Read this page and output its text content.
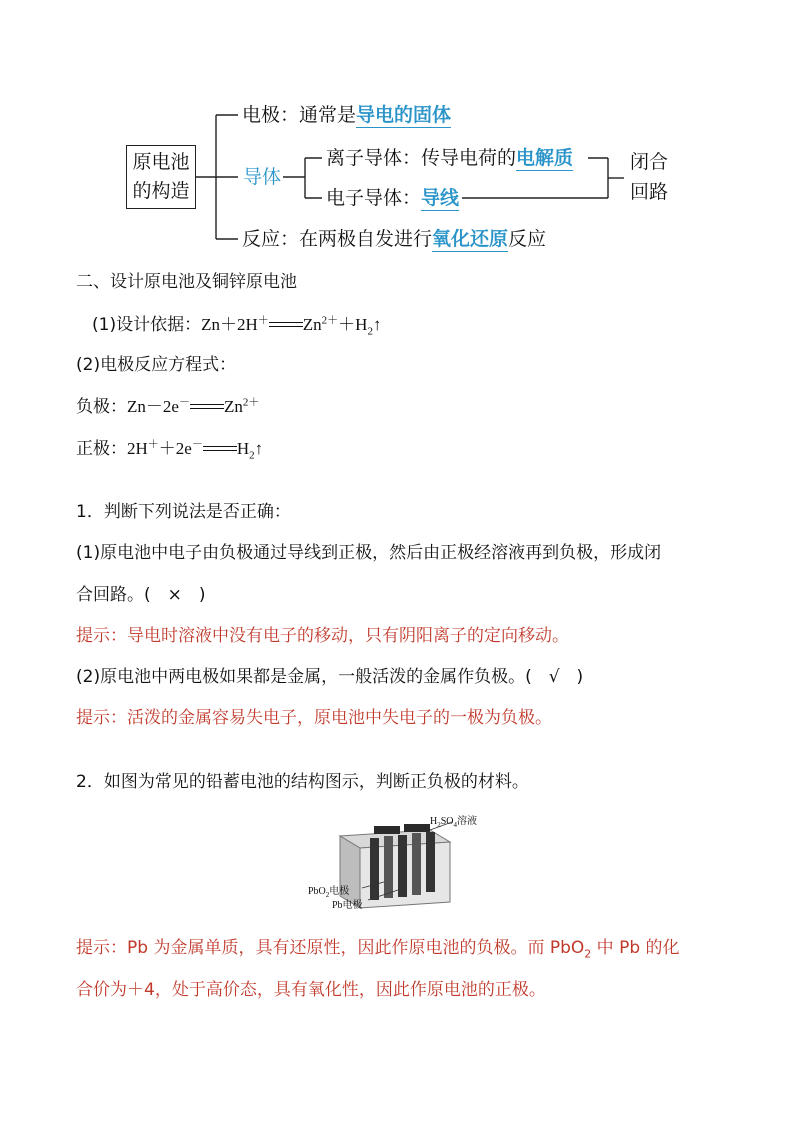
原电池
的构造
电极：通常是导电的固体
导体
离子导体：传导电荷的电解质
电子导体：导线
闭合
回路
反应：在两极自发进行氧化还原反应
二、设计原电池及铜锌原电池
(1)设计依据：Zn＋2H＋   $Zn^{2+}+H_2↑$
(2)电极反应方程式：
负极：Zn－2e－   $Zn^{2+}$
正极：2H＋＋2e－   $H_2↑$
1．判断下列说法是否正确：
(1)原电池中电子由负极通过导线到正极，然后由正极经溶液再到负极，形成闭
合回路。(　×　)
提示：导电时溶液中没有电子的移动，只有阴阳离子的定向移动。
(2)原电池中两电极如果都是金属，一般活泼的金属作负极。(　√　)
提示：活泼的金属容易失电子，原电池中失电子的一极为负极。
2．如图为常见的铅蓄电池的结构图示，判断正负极的材料。
$H_2SO_4$溶液
PbO$_2$电极
Pb电极
提示：Pb 为金属单质，具有还原性，因此作原电池的负极。而 PbO$_2$ 中 Pb 的化
合价为＋4，处于高价态，具有氧化性，因此作原电池的正极。
